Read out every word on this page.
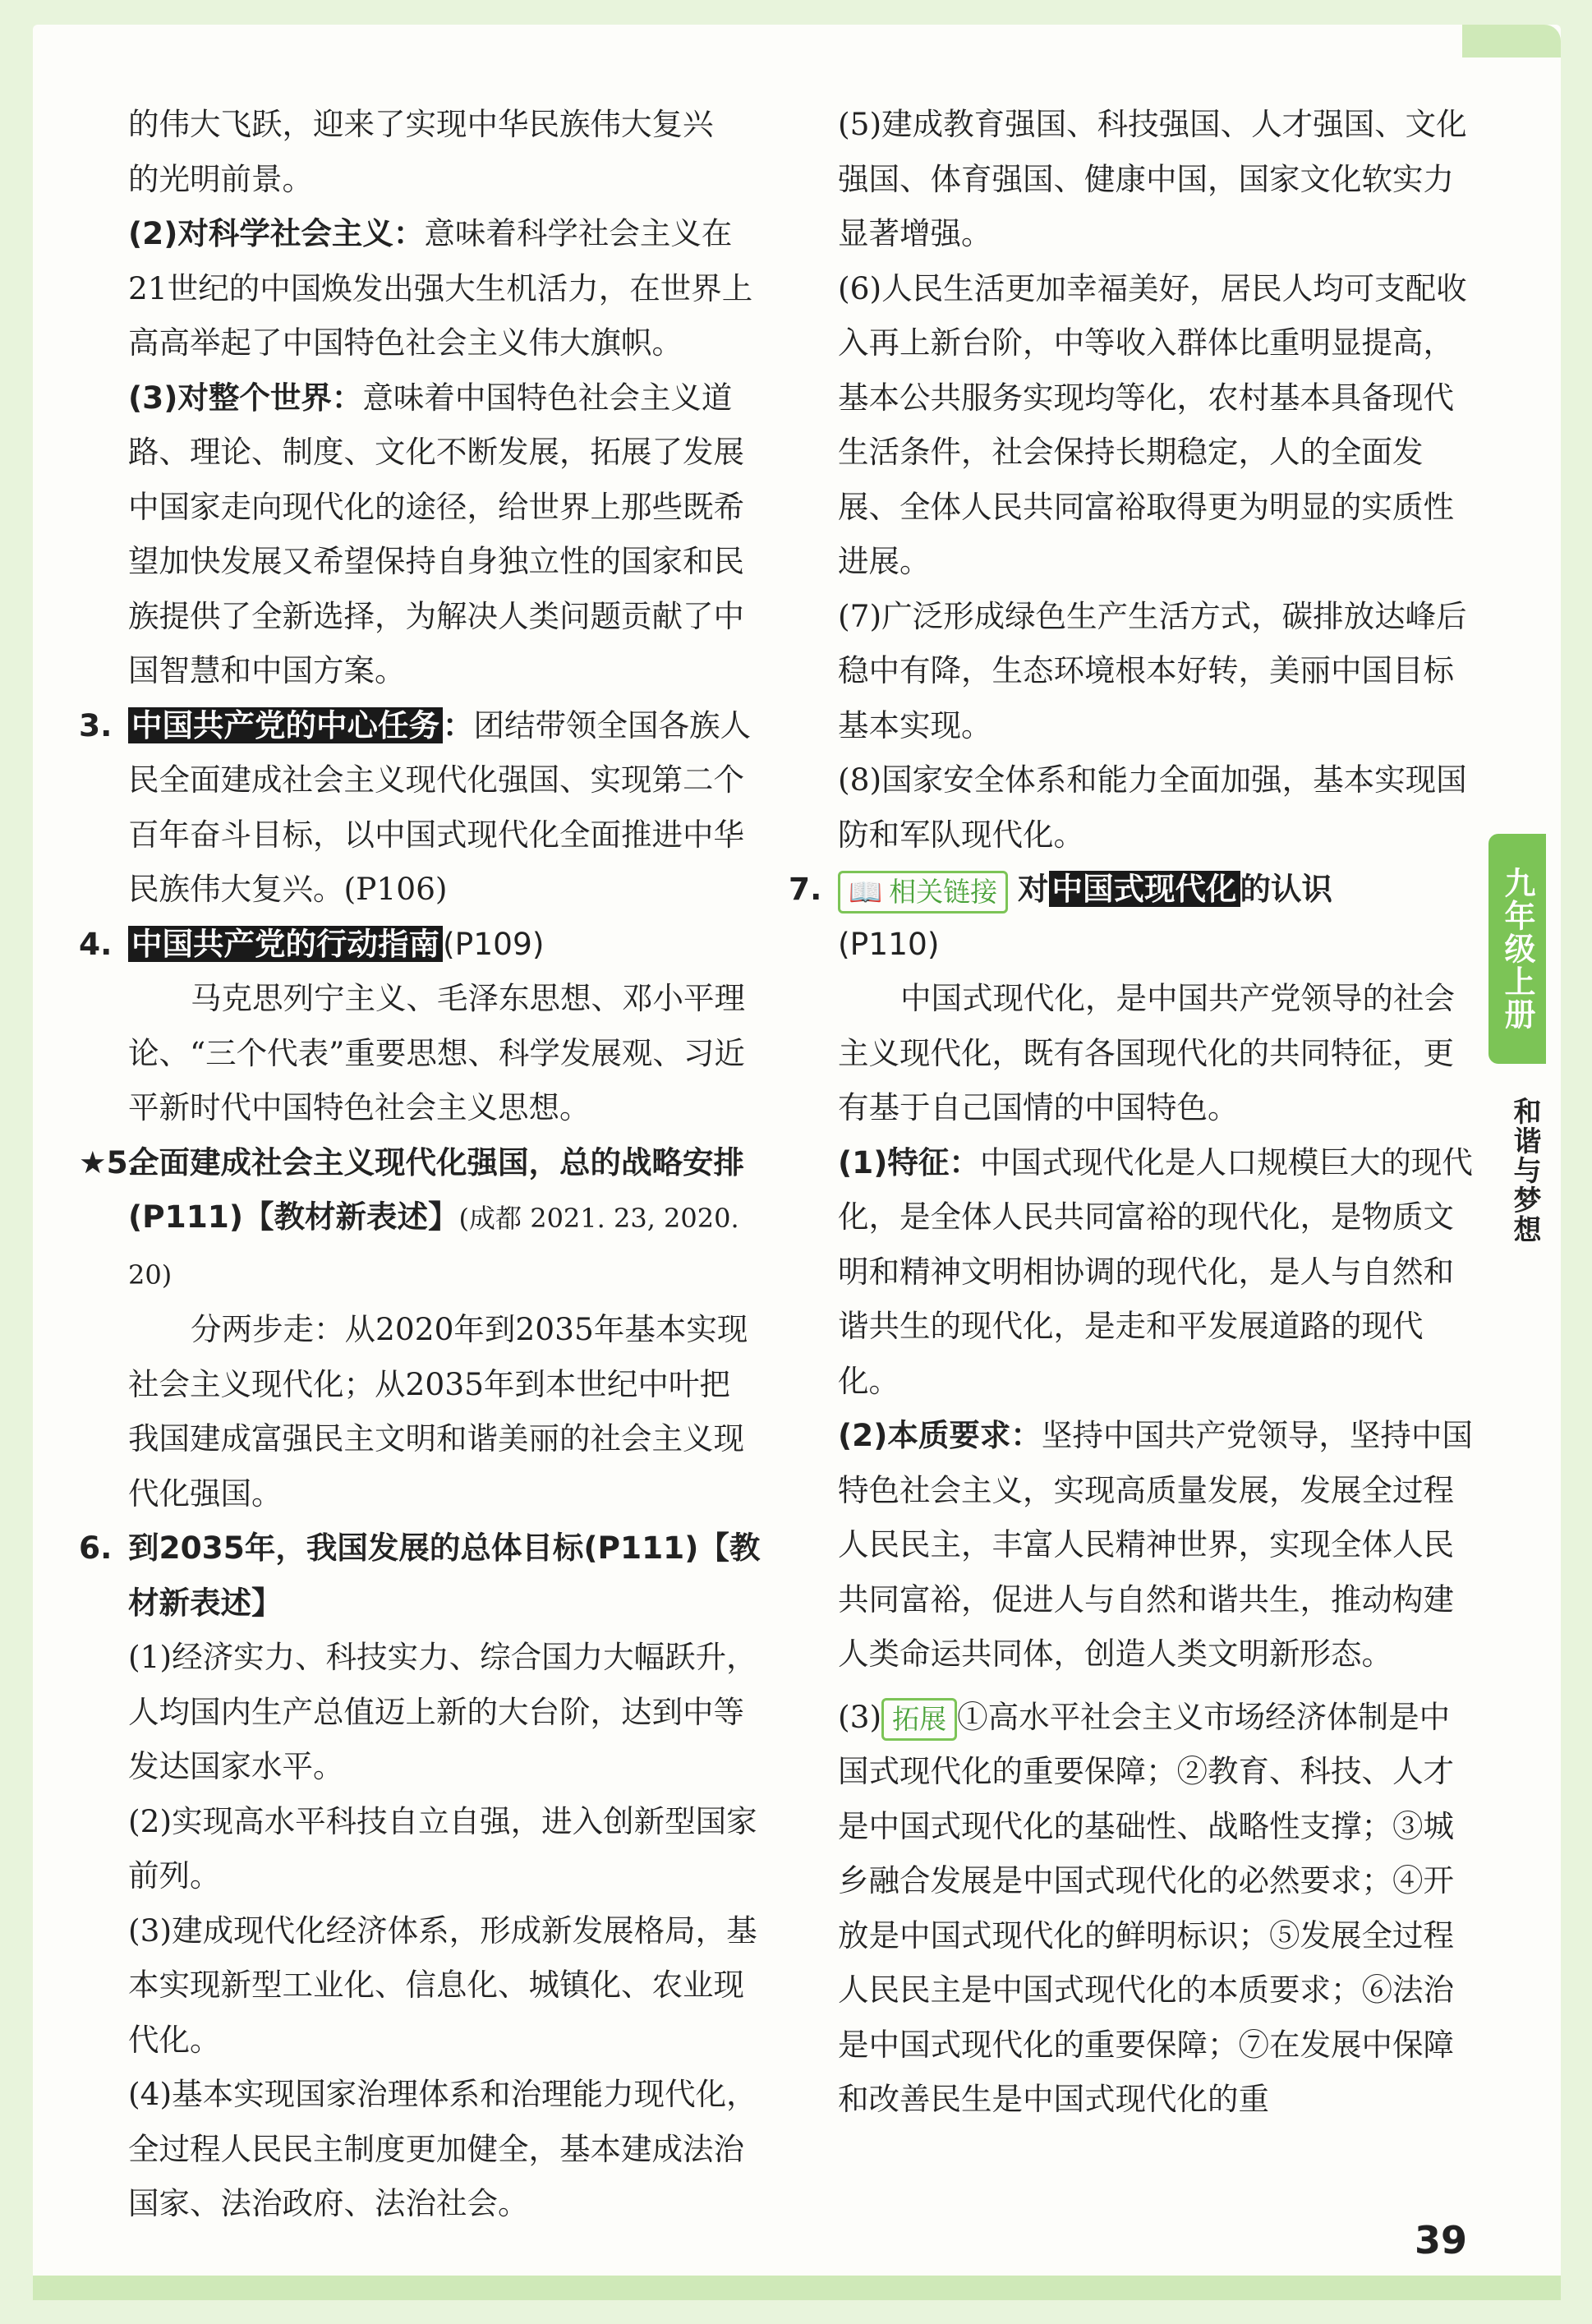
的伟大飞跃，迎来了实现中华民族伟大复兴
的光明前景。

(2)对科学社会主义：意味着科学社会主义在21世纪的中国焕发出强大生机活力，在世界上高高举起了中国特色社会主义伟大旗帜。

(3)对整个世界：意味着中国特色社会主义道路、理论、制度、文化不断发展，拓展了发展中国家走向现代化的途径，给世界上那些既希望加快发展又希望保持自身独立性的国家和民族提供了全新选择，为解决人类问题贡献了中国智慧和中国方案。

3. 中国共产党的中心任务 ：团结带领全国各族人民全面建成社会主义现代化强国、实现第二个百年奋斗目标，以中国式现代化全面推进中华民族伟大复兴。(P106)

4. 中国共产党的行动指南 (P109)

马克思列宁主义、毛泽东思想、邓小平理论、“三个代表”重要思想、科学发展观、习近平新时代中国特色社会主义思想。

★5.全面建成社会主义现代化强国，总的战略安排(P111)【教材新表述】(成都 2021. 23, 2020. 20)

分两步走：从2020年到2035年基本实现社会主义现代化；从2035年到本世纪中叶把我国建成富强民主文明和谐美丽的社会主义现代化强国。

6. 到2035年，我国发展的总体目标(P111)【教材新表述】

(1)经济实力、科技实力、综合国力大幅跃升，人均国内生产总值迈上新的大台阶，达到中等发达国家水平。

(2)实现高水平科技自立自强，进入创新型国家前列。

(3)建成现代化经济体系，形成新发展格局，基本实现新型工业化、信息化、城镇化、农业现代化。

(4)基本实现国家治理体系和治理能力现代化，全过程人民民主制度更加健全，基本建成法治国家、法治政府、法治社会。

(5)建成教育强国、科技强国、人才强国、文化强国、体育强国、健康中国，国家文化软实力显著增强。

(6)人民生活更加幸福美好，居民人均可支配收入再上新台阶，中等收入群体比重明显提高，基本公共服务实现均等化，农村基本具备现代生活条件，社会保持长期稳定，人的全面发展、全体人民共同富裕取得更为明显的实质性进展。

(7)广泛形成绿色生产生活方式，碳排放达峰后稳中有降，生态环境根本好转，美丽中国目标基本实现。

(8)国家安全体系和能力全面加强，基本实现国防和军队现代化。

7. 📖 相关链接 对 中国式现代化 的认识

(P110)

中国式现代化，是中国共产党领导的社会主义现代化，既有各国现代化的共同特征，更有基于自己国情的中国特色。

(1)特征：中国式现代化是人口规模巨大的现代化，是全体人民共同富裕的现代化，是物质文明和精神文明相协调的现代化，是人与自然和谐共生的现代化，是走和平发展道路的现代化。

(2)本质要求：坚持中国共产党领导，坚持中国特色社会主义，实现高质量发展，发展全过程人民民主，丰富人民精神世界，实现全体人民共同富裕，促进人与自然和谐共生，推动构建人类命运共同体，创造人类文明新形态。

(3) 拓展 ①高水平社会主义市场经济体制是中国式现代化的重要保障；②教育、科技、人才是中国式现代化的基础性、战略性支撑；③城乡融合发展是中国式现代化的必然要求；④开放是中国式现代化的鲜明标识；⑤发展全过程人民民主是中国式现代化的本质要求；⑥法治是中国式现代化的重要保障；⑦在发展中保障和改善民生是中国式现代化的重

九年级上册
和谐与梦想
39
